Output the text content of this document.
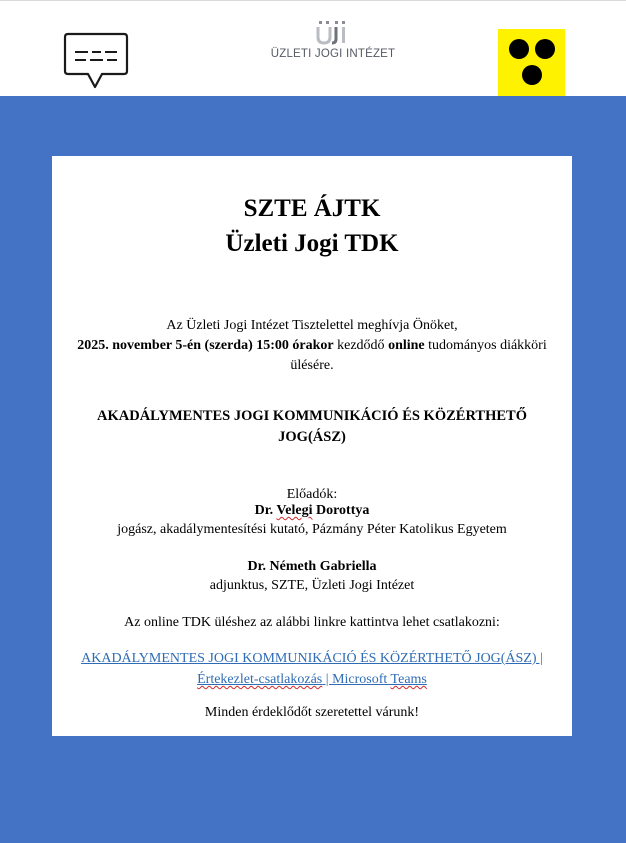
ÜZLETI JOGI INTÉZET
SZTE ÁJTK
Üzleti Jogi TDK
Az Üzleti Jogi Intézet Tisztelettel meghívja Önöket,
2025. november 5-én (szerda) 15:00 órakor kezdődő online tudományos diákköri ülésére.
AKADÁLYMENTES JOGI KOMMUNIKÁCIÓ ÉS KÖZÉRTHETŐ
JOG(ÁSZ)
Előadók:
Dr. Velegi Dorottya
jogász, akadálymentesítési kutató, Pázmány Péter Katolikus Egyetem
Dr. Németh Gabriella
adjunktus, SZTE, Üzleti Jogi Intézet
Az online TDK üléshez az alábbi linkre kattintva lehet csatlakozni:
AKADÁLYMENTES JOGI KOMMUNIKÁCIÓ ÉS KÖZÉRTHETŐ JOG(ÁSZ) |
Értekezlet-csatlakozás | Microsoft Teams
Minden érdeklődőt szeretettel várunk!
